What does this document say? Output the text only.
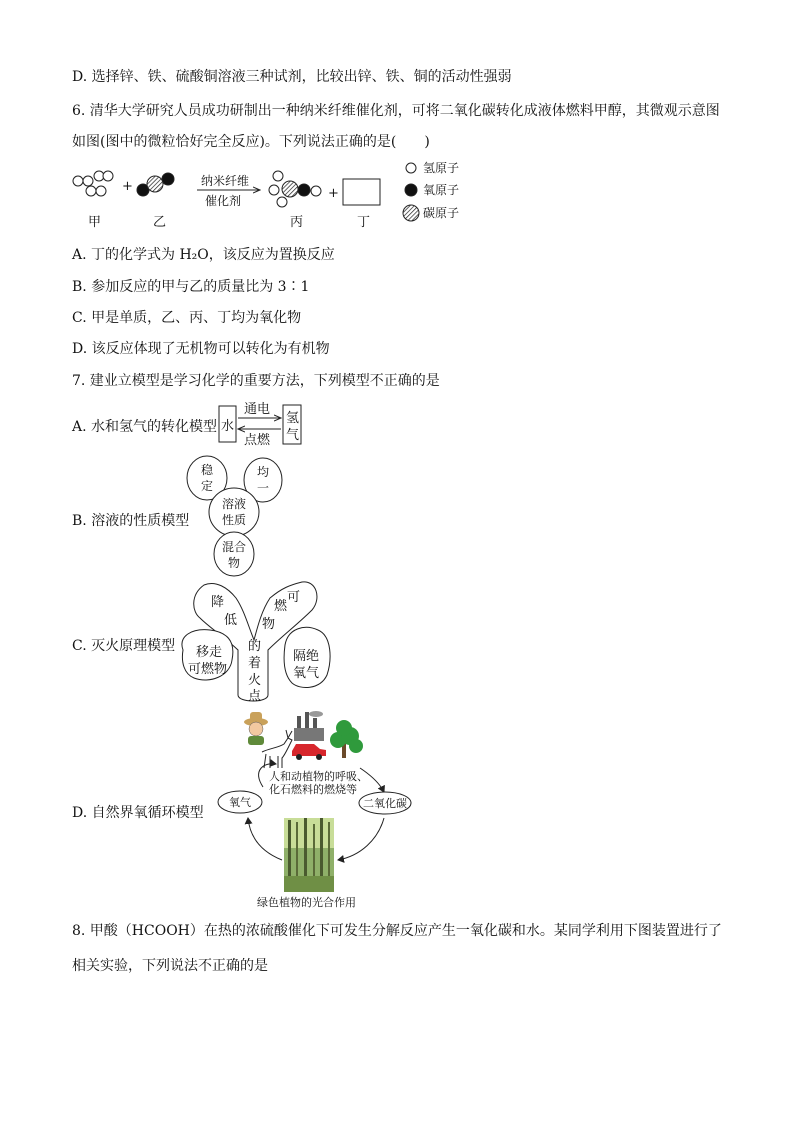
D. 选择锌、铁、硫酸铜溶液三种试剂，比较出锌、铁、铜的活动性强弱
6. 清华大学研究人员成功研制出一种纳米纤维催化剂，可将二氧化碳转化成液体燃料甲醇，其微观示意图
如图(图中的微粒恰好完全反应)。下列说法正确的是(　　)
A. 丁的化学式为 H₂O，该反应为置换反应
B. 参加反应的甲与乙的质量比为 3∶1
C. 甲是单质，乙、丙、丁均为氧化物
D. 该反应体现了无机物可以转化为有机物
7. 建业立模型是学习化学的重要方法，下列模型不正确的是
A. 水和氢气的转化模型
B. 溶液的性质模型
C. 灭火原理模型
D. 自然界氧循环模型
8. 甲酸（HCOOH）在热的浓硫酸催化下可发生分解反应产生一氧化碳和水。某同学利用下图装置进行了
相关实验，下列说法不正确的是
+	纳米纤维
催化剂	+
甲	乙	丙	丁
氢原子
氧原子
碳原子
水
氢
气
通电
点燃
稳
定
均
一
溶液
性质
混合
物
降
低
可
燃
物
的
着
火
点
移走
可燃物
隔绝
氧气
人和动植物的呼吸、
化石燃料的燃烧等
氧气	二氧化碳
绿色植物的光合作用
